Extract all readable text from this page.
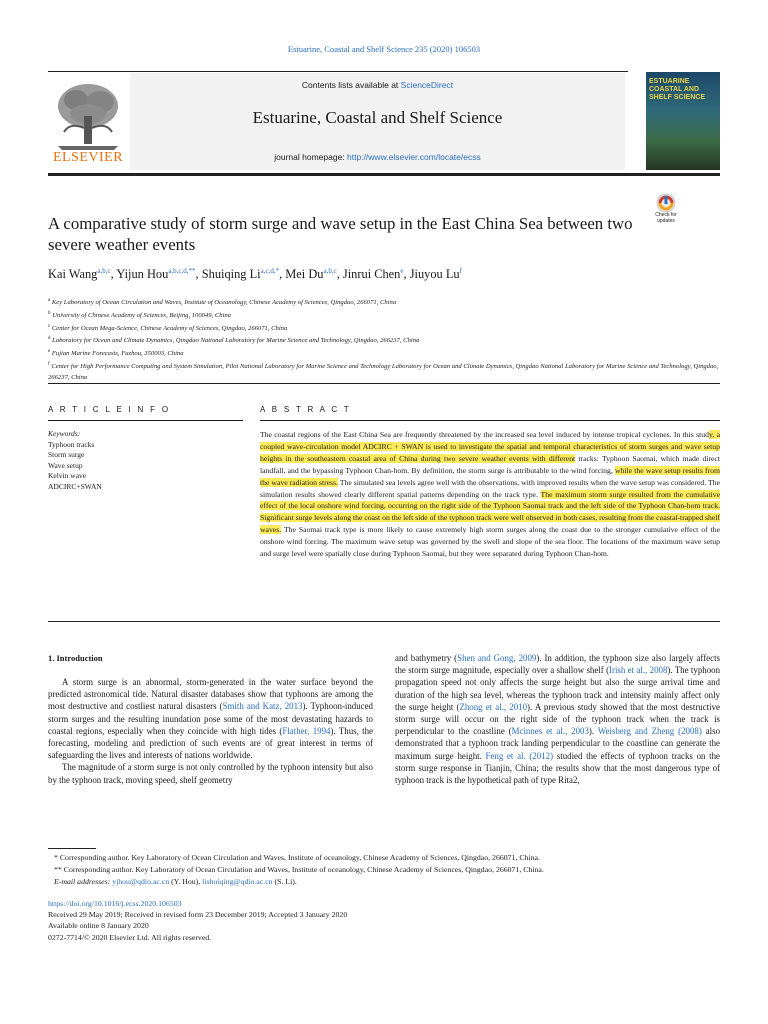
Estuarine, Coastal and Shelf Science 235 (2020) 106503
ELSEVIER
Contents lists available at ScienceDirect
Estuarine, Coastal and Shelf Science
journal homepage: http://www.elsevier.com/locate/ecss
ESTUARINE COASTAL AND SHELF SCIENCE
Check for updates
A comparative study of storm surge and wave setup in the East China Sea between two severe weather events
Kai Wang$^{a,b,c}$, Yijun Hou$^{a,b,c,d,**}$, Shuiqing $Li^{a,c,d,*}$, Mei Du$^{a,b,c}$, Jinrui Chen$^e$, Jiuyou Lu$^f$
$^a$ Key Laboratory of Ocean Circulation and Waves, Institute of Oceanology, Chinese Academy of Sciences, Qingdao, 266071, China
$^b$ University of Chinese Academy of Sciences, Beijing, 100049, China
$^c$ Center for Ocean Mega-Science, Chinese Academy of Sciences, Qingdao, 266071, China
$^d$ Laboratory for Ocean and Climate Dynamics, Qingdao National Laboratory for Marine Science and Technology, Qingdao, 266237, China
$^e$ Fujian Marine Forecasts, Fuzhou, 350003, China
$^f$ Center for High Performance Computing and System Simulation, Pilot National Laboratory for Marine Science and Technology Laboratory for Ocean and Climate Dynamics, Qingdao National Laboratory for Marine Science and Technology, Qingdao, 266237, China
A R T I C L E I N F O	A B S T R A C T
Keywords:
Typhoon tracks
Storm surge
Wave setup
Kelvin wave
ADCIRC+SWAN
The coastal regions of the East China Sea are frequently threatened by the increased sea level induced by intense tropical cyclones. In this study, a coupled wave-circulation model ADCIRC + SWAN is used to investigate the spatial and temporal characteristics of storm surges and wave setup heights in the southeastern coastal area of China during two severe weather events with different tracks: Typhoon Saomai, which made direct landfall, and the bypassing Typhoon Chan-hom. By definition, the storm surge is attributable to the wind forcing, while the wave setup results from the wave radiation stress. The simulated sea levels agree well with the observations, with improved results when the wave setup was considered. The simulation results showed clearly different spatial patterns depending on the track type. The maximum storm surge resulted from the cumulative effect of the local onshore wind forcing, occurring on the right side of the Typhoon Saomai track and the left side of the Typhoon Chan-hom track. Significant surge levels along the coast on the left side of the typhoon track were well observed in both cases, resulting from the coastal-trapped shelf waves. The Saomai track type is more likely to cause extremely high storm surges along the coast due to the stronger cumulative effect of the onshore wind forcing. The maximum wave setup was governed by the swell and slope of the sea floor. The locations of the maximum wave setup and surge level were spatially close during Typhoon Saomai, but they were separated during Typhoon Chan-hom.
1. Introduction

A storm surge is an abnormal, storm-generated in the water surface beyond the predicted astronomical tide. Natural disaster databases show that typhoons are among the most destructive and costliest natural disasters (Smith and Katz, 2013). Typhoon-induced storm surges and the resulting inundation pose some of the most devastating hazards to coastal regions, especially when they coincide with high tides (Flather, 1994). Thus, the forecasting, modeling and prediction of such events are of great interest in terms of safeguarding the lives and interests of nations worldwide.

The magnitude of a storm surge is not only controlled by the typhoon intensity but also by the typhoon track, moving speed, shelf geometry

and bathymetry (Shen and Gong, 2009). In addition, the typhoon size also largely affects the storm surge magnitude, especially over a shallow shelf (Irish et al., 2008). The typhoon propagation speed not only affects the surge height but also the surge arrival time and duration of the high sea level, whereas the typhoon track and intensity mainly affect only the surge height (Zhong et al., 2010). A previous study showed that the most destructive storm surge will occur on the right side of the typhoon track when the track is perpendicular to the coastline (Mcinnes et al., 2003). Weisberg and Zheng (2008) also demonstrated that a typhoon track landing perpendicular to the coastline can generate the maximum surge height. Feng et al. (2012) studied the effects of typhoon tracks on the storm surge response in Tianjin, China; the results show that the most dangerous type of typhoon track is the hypothetical path of type Rita2,

* Corresponding author. Key Laboratory of Ocean Circulation and Waves, Institute of oceanology, Chinese Academy of Sciences, Qingdao, 266071, China.
** Corresponding author. Key Laboratory of Ocean Circulation and Waves, Institute of oceanology, Chinese Academy of Sciences, Qingdao, 266071, China.
E-mail addresses: yjhou@qdio.ac.cn (Y. Hou), lishuiqing@qdio.ac.cn (S. Li).
https://doi.org/10.1016/j.ecss.2020.106503
Received 29 May 2019; Received in revised form 23 December 2019; Accepted 3 January 2020
Available online 8 January 2020
0272-7714/© 2020 Elsevier Ltd. All rights reserved.
